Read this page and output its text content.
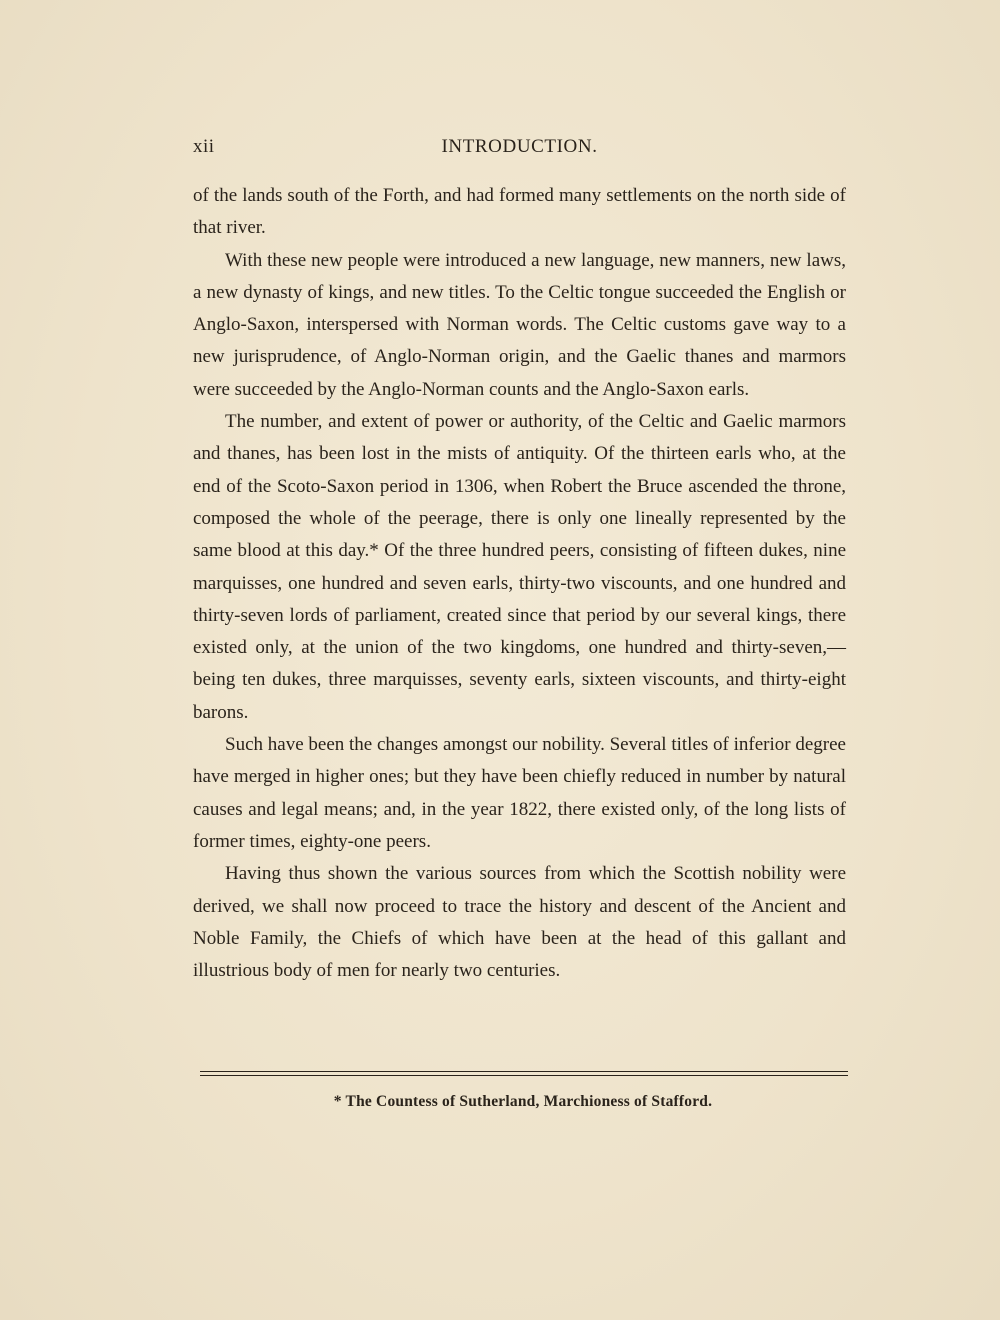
xii	INTRODUCTION.

of the lands south of the Forth, and had formed many settlements on the north side of that river.

With these new people were introduced a new language, new manners, new laws, a new dynasty of kings, and new titles. To the Celtic tongue succeeded the English or Anglo-Saxon, interspersed with Norman words. The Celtic customs gave way to a new jurisprudence, of Anglo-Norman origin, and the Gaelic thanes and marmors were succeeded by the Anglo-Norman counts and the Anglo-Saxon earls.

The number, and extent of power or authority, of the Celtic and Gaelic marmors and thanes, has been lost in the mists of antiquity. Of the thirteen earls who, at the end of the Scoto-Saxon period in 1306, when Robert the Bruce ascended the throne, composed the whole of the peerage, there is only one lineally represented by the same blood at this day.* Of the three hundred peers, consisting of fifteen dukes, nine marquisses, one hundred and seven earls, thirty-two viscounts, and one hundred and thirty-seven lords of parliament, created since that period by our several kings, there existed only, at the union of the two kingdoms, one hundred and thirty-seven,— being ten dukes, three marquisses, seventy earls, sixteen viscounts, and thirty-eight barons.

Such have been the changes amongst our nobility. Several titles of inferior degree have merged in higher ones; but they have been chiefly reduced in number by natural causes and legal means; and, in the year 1822, there existed only, of the long lists of former times, eighty-one peers.

Having thus shown the various sources from which the Scottish nobility were derived, we shall now proceed to trace the history and descent of the Ancient and Noble Family, the Chiefs of which have been at the head of this gallant and illustrious body of men for nearly two centuries.

* The Countess of Sutherland, Marchioness of Stafford.
